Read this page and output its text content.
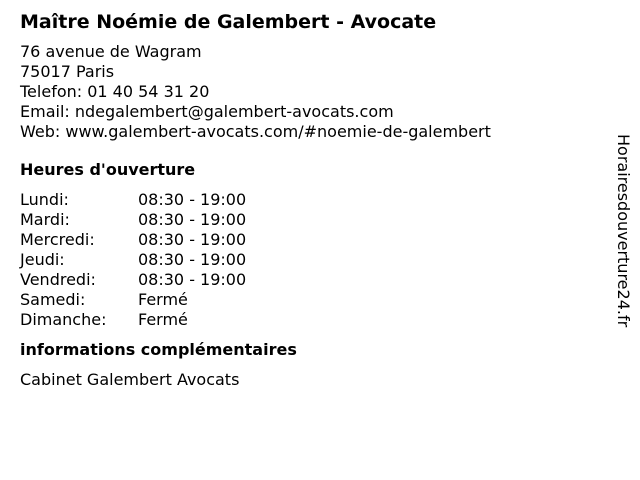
Maître Noémie de Galembert - Avocate
76 avenue de Wagram
75017 Paris
Telefon: 01 40 54 31 20
Email: ndegalembert@galembert-avocats.com
Web: www.galembert-avocats.com/#noemie-de-galembert
Heures d'ouverture
Lundi:	08:30 - 19:00
Mardi:	08:30 - 19:00
Mercredi:	08:30 - 19:00
Jeudi:	08:30 - 19:00
Vendredi:	08:30 - 19:00
Samedi:	Fermé
Dimanche:	Fermé
informations complémentaires
Cabinet Galembert Avocats
Horairesdouverture24.fr
